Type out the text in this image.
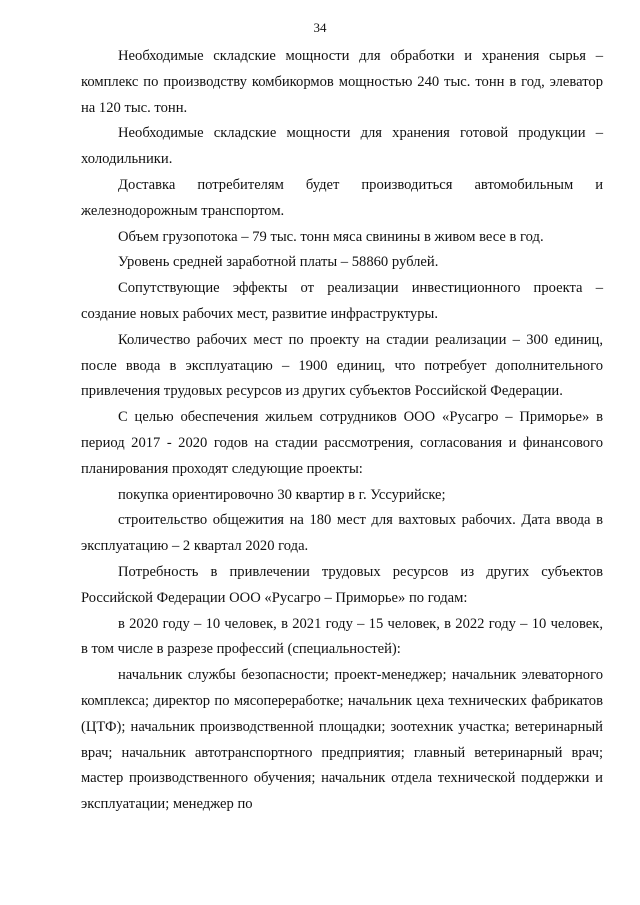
34

Необходимые складские мощности для обработки и хранения сырья – комплекс по производству комбикормов мощностью 240 тыс. тонн в год, элеватор на 120 тыс. тонн.

Необходимые складские мощности для хранения готовой продукции – холодильники.

Доставка потребителям будет производиться автомобильным и железнодорожным транспортом.

Объем грузопотока – 79 тыс. тонн мяса свинины в живом весе в год.

Уровень средней заработной платы – 58860 рублей.

Сопутствующие эффекты от реализации инвестиционного проекта – создание новых рабочих мест, развитие инфраструктуры.

Количество рабочих мест по проекту на стадии реализации – 300 единиц, после ввода в эксплуатацию – 1900 единиц, что потребует дополнительного привлечения трудовых ресурсов из других субъектов Российской Федерации.

С целью обеспечения жильем сотрудников ООО «Русагро – Приморье» в период 2017 - 2020 годов на стадии рассмотрения, согласования и финансового планирования проходят следующие проекты:

покупка ориентировочно 30 квартир в г. Уссурийске;

строительство общежития на 180 мест для вахтовых рабочих. Дата ввода в эксплуатацию – 2 квартал 2020 года.

Потребность в привлечении трудовых ресурсов из других субъектов Российской Федерации ООО «Русагро – Приморье» по годам:

в 2020 году – 10 человек, в 2021 году – 15 человек, в 2022 году – 10 человек, в том числе в разрезе профессий (специальностей):

начальник службы безопасности; проект-менеджер; начальник элеваторного комплекса; директор по мясопереработке; начальник цеха технических фабрикатов (ЦТФ); начальник производственной площадки; зоотехник участка; ветеринарный врач; начальник автотранспортного предприятия; главный ветеринарный врач; мастер производственного обучения; начальник отдела технической поддержки и эксплуатации; менеджер по
